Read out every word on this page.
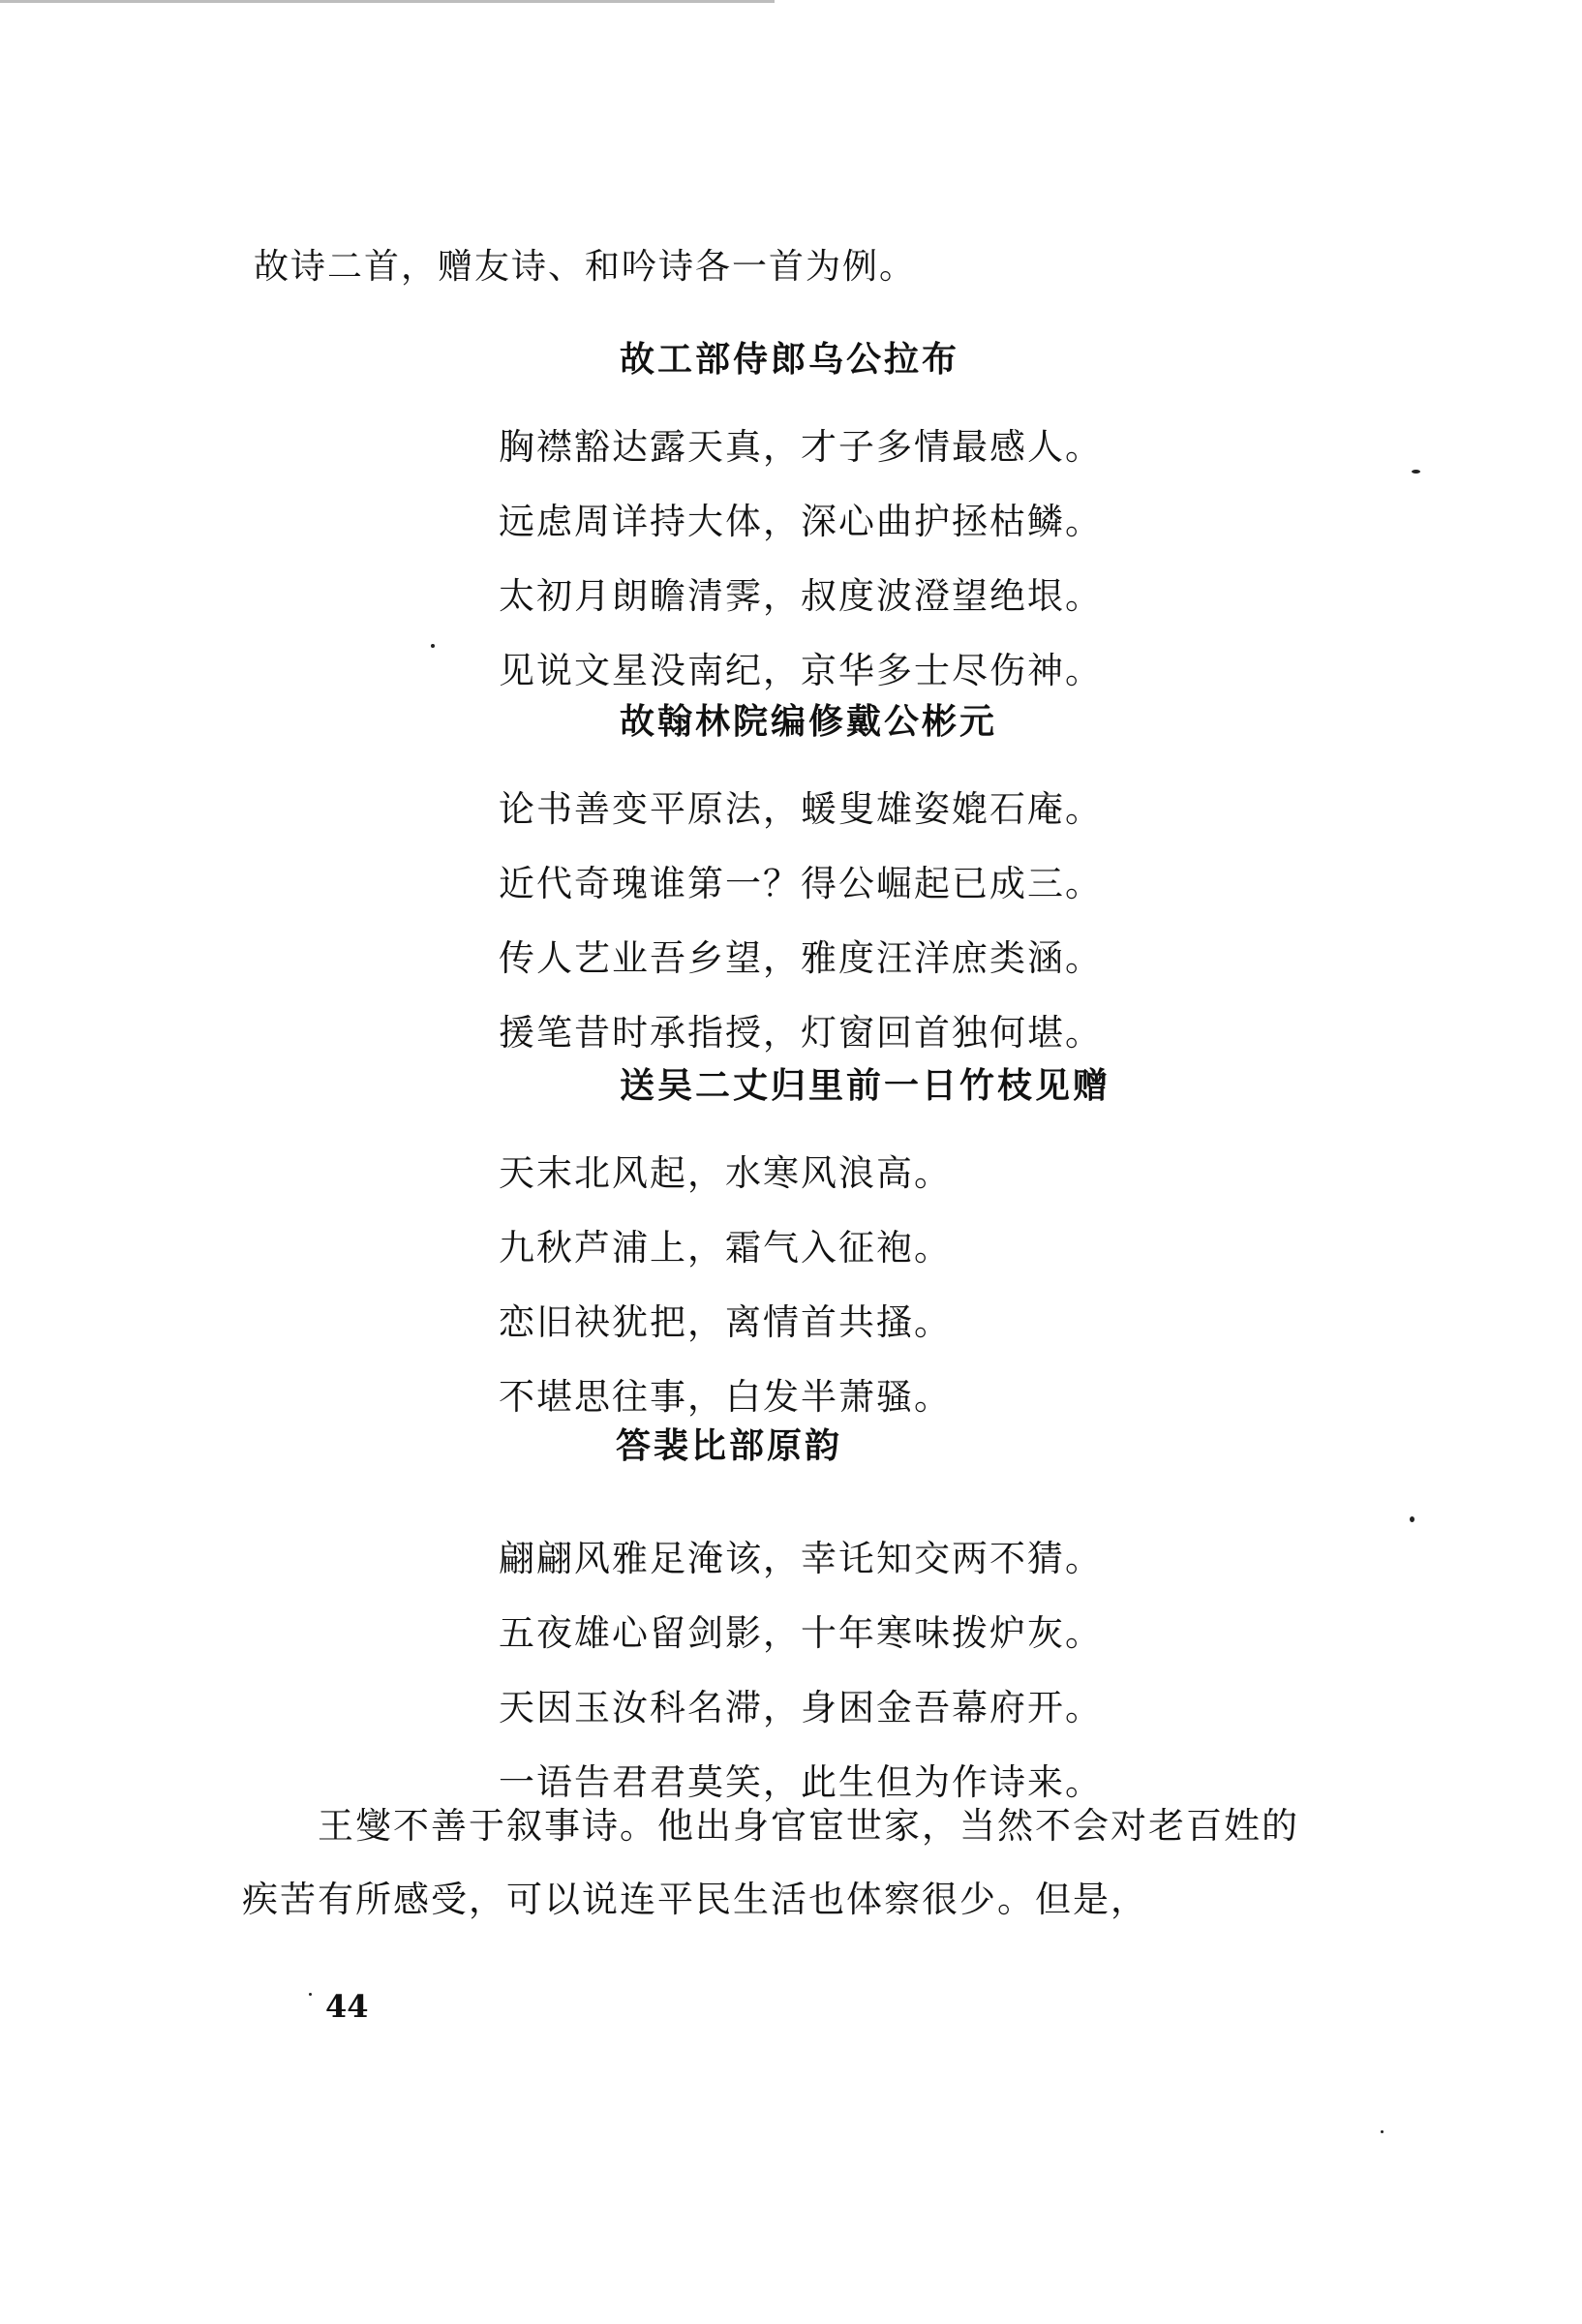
故诗二首，赠友诗、和吟诗各一首为例。
故工部侍郎乌公拉布
胸襟豁达露天真，才子多情最感人。
远虑周详持大体，深心曲护拯枯鳞。
太初月朗瞻清霁，叔度波澄望绝垠。
见说文星没南纪，京华多士尽伤神。
故翰林院编修戴公彬元
论书善变平原法，蝯叟雄姿媲石庵。
近代奇瑰谁第一？得公崛起已成三。
传人艺业吾乡望，雅度汪洋庶类涵。
援笔昔时承指授，灯窗回首独何堪。
送吴二丈归里前一日竹枝见赠
天末北风起，水寒风浪高。
九秋芦浦上，霜气入征袍。
恋旧袂犹把，离情首共搔。
不堪思往事，白发半萧骚。
答裴比部原韵
翩翩风雅足淹该，幸讬知交两不猜。
五夜雄心留剑影，十年寒味拨炉灰。
天因玉汝科名滞，身困金吾幕府开。
一语告君君莫笑，此生但为作诗来。
王燮不善于叙事诗。他出身官宦世家，当然不会对老百姓的疾苦有所感受，可以说连平民生活也体察很少。但是，
44
